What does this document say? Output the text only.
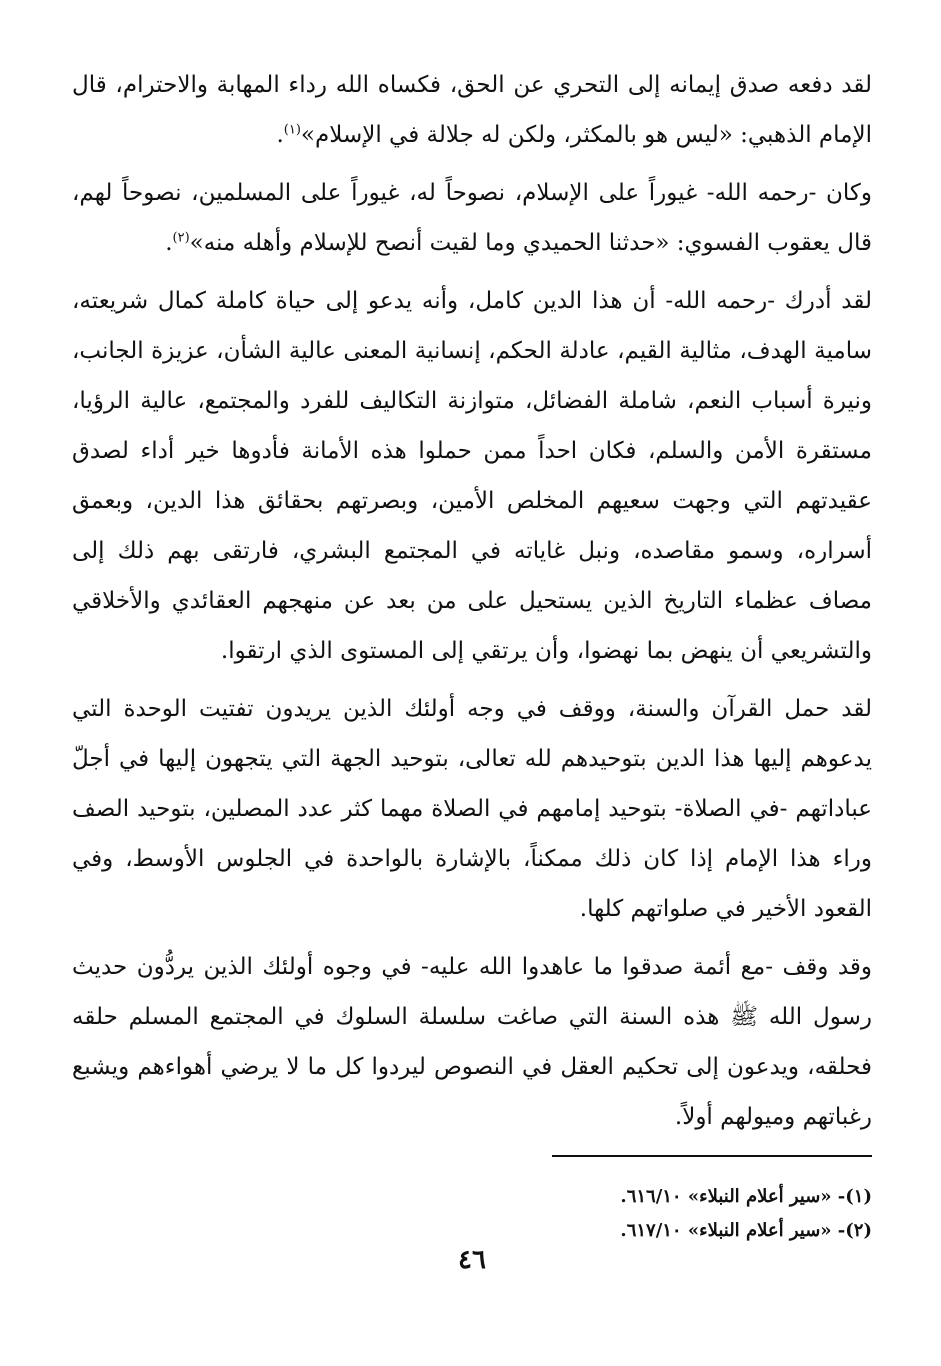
لقد دفعه صدق إيمانه إلى التحري عن الحق، فكساه الله رداء المهابة والاحترام، قال الإمام الذهبي: «ليس هو بالمكثر، ولكن له جلالة في الإسلام»$^{(١)}$.

وكان -رحمه الله- غيوراً على الإسلام، نصوحاً له، غيوراً على المسلمين، نصوحاً لهم، قال يعقوب الفسوي: «حدثنا الحميدي وما لقيت أنصح للإسلام وأهله منه»$^{(٢)}$.

لقد أدرك -رحمه الله- أن هذا الدين كامل، وأنه يدعو إلى حياة كاملة كمال شريعته، سامية الهدف، مثالية القيم، عادلة الحكم، إنسانية المعنى عالية الشأن، عزيزة الجانب، ونيرة أسباب النعم، شاملة الفضائل، متوازنة التكاليف للفرد والمجتمع، عالية الرؤيا، مستقرة الأمن والسلم، فكان احداً ممن حملوا هذه الأمانة فأدوها خير أداء لصدق عقيدتهم التي وجهت سعيهم المخلص الأمين، وبصرتهم بحقائق هذا الدين، وبعمق أسراره، وسمو مقاصده، ونبل غاياته في المجتمع البشري، فارتقى بهم ذلك إلى مصاف عظماء التاريخ الذين يستحيل على من بعد عن منهجهم العقائدي والأخلاقي والتشريعي أن ينهض بما نهضوا، وأن يرتقي إلى المستوى الذي ارتقوا.

لقد حمل القرآن والسنة، ووقف في وجه أولئك الذين يريدون تفتيت الوحدة التي يدعوهم إليها هذا الدين بتوحيدهم لله تعالى، بتوحيد الجهة التي يتجهون إليها في أجلّ عباداتهم -في الصلاة- بتوحيد إمامهم في الصلاة مهما كثر عدد المصلين، بتوحيد الصف وراء هذا الإمام إذا كان ذلك ممكناً، بالإشارة بالواحدة في الجلوس الأوسط، وفي القعود الأخير في صلواتهم كلها.

وقد وقف -مع أئمة صدقوا ما عاهدوا الله عليه- في وجوه أولئك الذين يردُّون حديث رسول الله ﷺ هذه السنة التي صاغت سلسلة السلوك في المجتمع المسلم حلقه فحلقه، ويدعون إلى تحكيم العقل في النصوص ليردوا كل ما لا يرضي أهواءهم ويشبع رغباتهم وميولهم أولاً.

(١)- «سير أعلام النبلاء» ٦١٦/١٠.

(٢)- «سير أعلام النبلاء» ٦١٧/١٠.

٤٦
